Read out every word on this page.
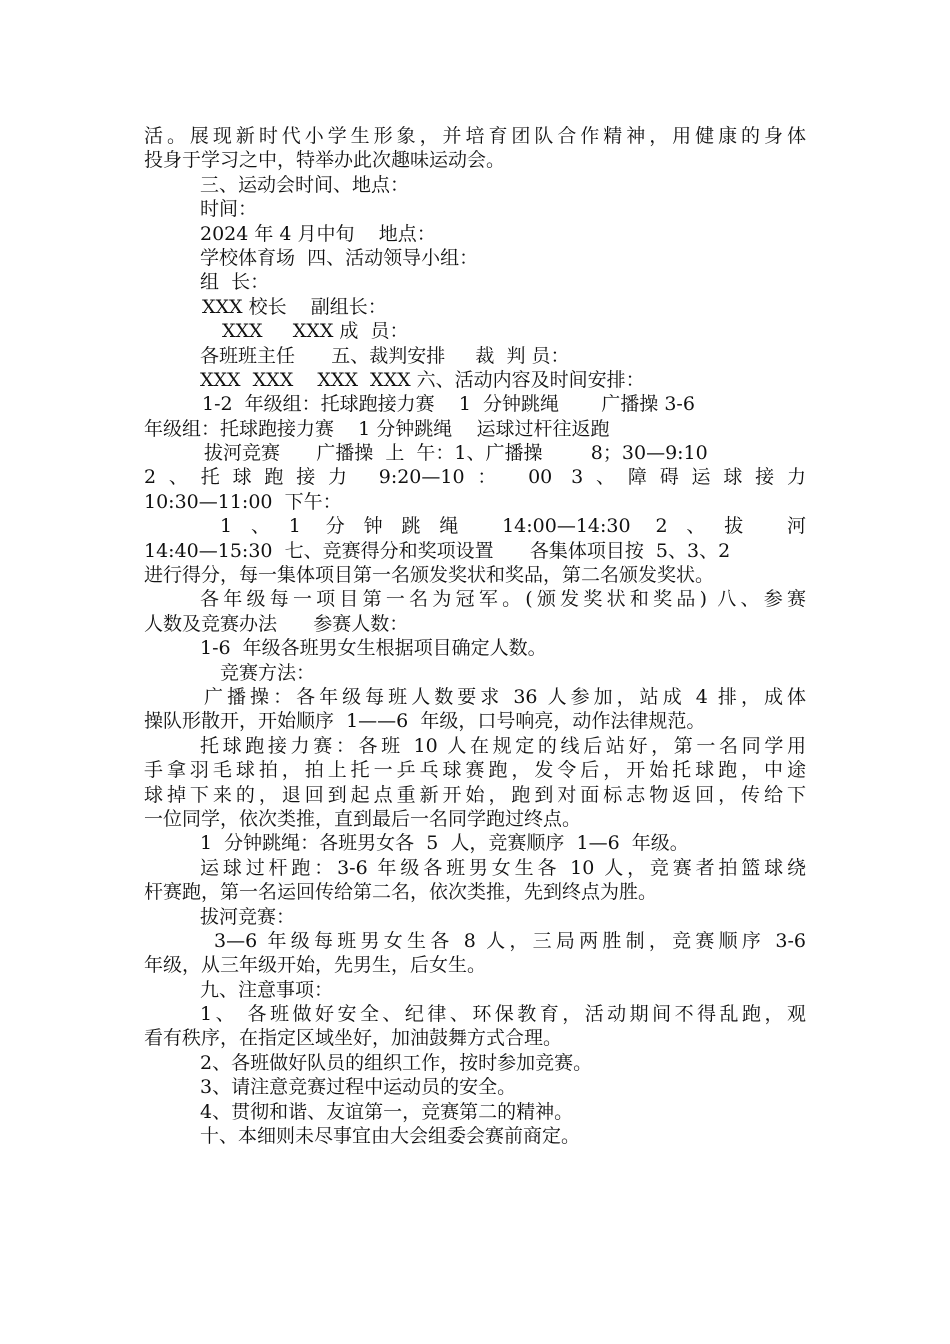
活。展现新时代小学生形象，并培育团队合作精神，用健康的身体
投身于学习之中，特举办此次趣味运动会。
三、运动会时间、地点：
时间：
2024 年 4 月中旬    地点：
学校体育场  四、活动领导小组：
组  长：
XXX 校长    副组长：
XXX     XXX 成  员：
各班班主任      五、裁判安排     裁  判 员：
XXX  XXX    XXX  XXX 六、活动内容及时间安排：
1-2  年级组：托球跑接力赛    1  分钟跳绳       广播操 3-6
年级组：托球跑接力赛    1 分钟跳绳    运球过杆往返跑
拔河竞赛      广播操  上  午：1、广播操        8；30—9:10
2、托球跑接力 9:20—10： 00 3、障碍运球接力
10:30—11:00  下午：
1、1 分钟跳绳 14:00—14:30 2、拔 河
14:40—15:30  七、竞赛得分和奖项设置      各集体项目按  5、3、2
进行得分，每一集体项目第一名颁发奖状和奖品，第二名颁发奖状。
各年级每一项目第一名为冠军。(颁发奖状和奖品) 八、参赛
人数及竞赛办法      参赛人数：
1-6  年级各班男女生根据项目确定人数。
竞赛方法：
广播操：各年级每班人数要求 36 人参加，站成 4 排，成体
操队形散开，开始顺序  1——6  年级，口号响亮，动作法律规范。
托球跑接力赛：各班 10 人在规定的线后站好，第一名同学用
手拿羽毛球拍，拍上托一乒乓球赛跑，发令后，开始托球跑，中途
球掉下来的，退回到起点重新开始，跑到对面标志物返回，传给下
一位同学，依次类推，直到最后一名同学跑过终点。
1  分钟跳绳：各班男女各  5  人，竞赛顺序  1—6  年级。
运球过杆跑：3-6 年级各班男女生各 10 人，竞赛者拍篮球绕
杆赛跑，第一名运回传给第二名，依次类推，先到终点为胜。
拔河竞赛：
3—6 年级每班男女生各 8 人，三局两胜制，竞赛顺序 3-6
年级，从三年级开始，先男生，后女生。
九、注意事项：
1、 各班做好安全、纪律、环保教育，活动期间不得乱跑，观
看有秩序，在指定区域坐好，加油鼓舞方式合理。
2、各班做好队员的组织工作，按时参加竞赛。
3、请注意竞赛过程中运动员的安全。
4、贯彻和谐、友谊第一，竞赛第二的精神。
十、本细则未尽事宜由大会组委会赛前商定。
